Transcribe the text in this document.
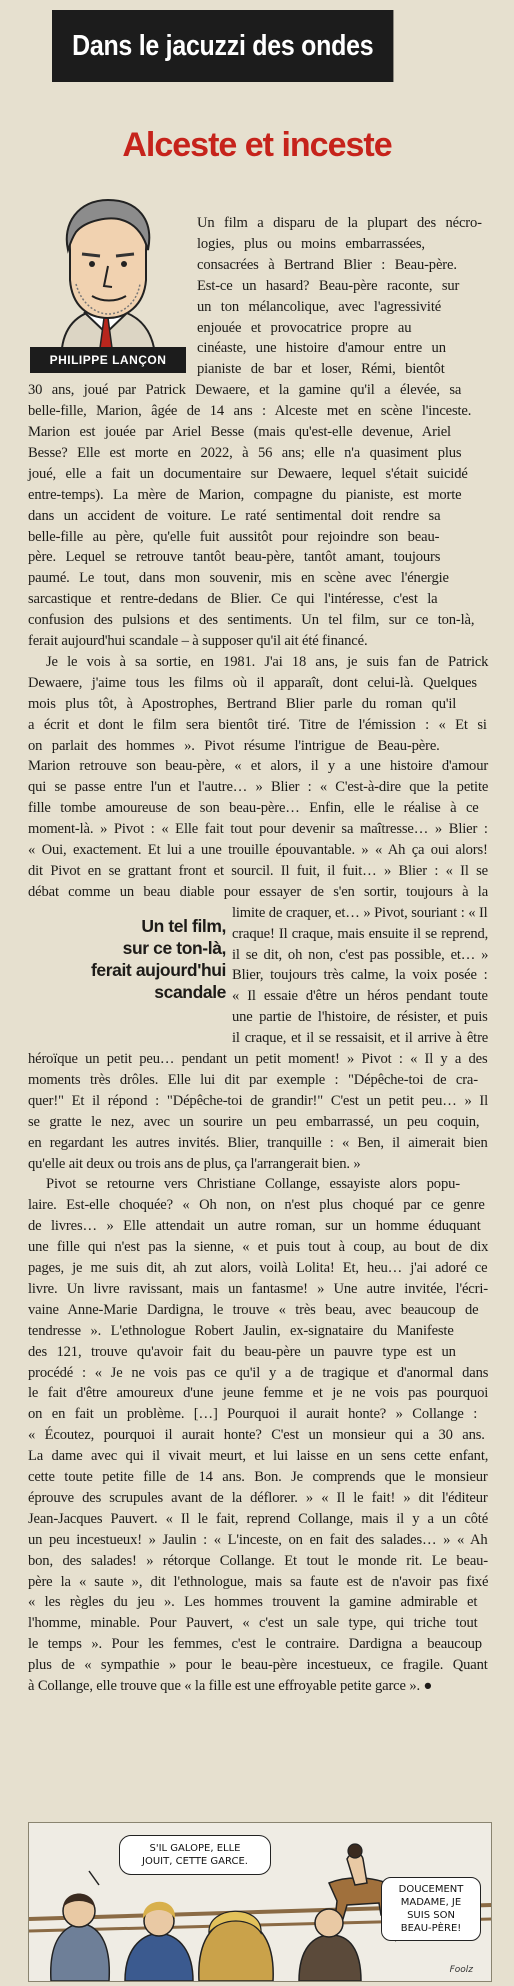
Dans le jacuzzi des ondes
Alceste et inceste
PHILIPPE LANÇON

Un film a disparu de la plupart des nécro-

logies, plus ou moins embarrassées,

consacrées à Bertrand Blier : Beau-père.

Est-ce un hasard? Beau-père raconte, sur

un ton mélancolique, avec l'agressivité

enjouée et provocatrice propre au

cinéaste, une histoire d'amour entre un

pianiste de bar et loser, Rémi, bientôt

30 ans, joué par Patrick Dewaere, et la gamine qu'il a élevée, sa

belle-fille, Marion, âgée de 14 ans : Alceste met en scène l'inceste.

Marion est jouée par Ariel Besse (mais qu'est-elle devenue, Ariel

Besse? Elle est morte en 2022, à 56 ans; elle n'a quasiment plus

joué, elle a fait un documentaire sur Dewaere, lequel s'était suicidé

entre-temps). La mère de Marion, compagne du pianiste, est morte

dans un accident de voiture. Le raté sentimental doit rendre sa

belle-fille au père, qu'elle fuit aussitôt pour rejoindre son beau-

père. Lequel se retrouve tantôt beau-père, tantôt amant, toujours

paumé. Le tout, dans mon souvenir, mis en scène avec l'énergie

sarcastique et rentre-dedans de Blier. Ce qui l'intéresse, c'est la

confusion des pulsions et des sentiments. Un tel film, sur ce ton-là,

ferait aujourd'hui scandale – à supposer qu'il ait été financé.

Je le vois à sa sortie, en 1981. J'ai 18 ans, je suis fan de Patrick

Dewaere, j'aime tous les films où il apparaît, dont celui-là. Quelques

mois plus tôt, à Apostrophes, Bertrand Blier parle du roman qu'il

a écrit et dont le film sera bientôt tiré. Titre de l'émission : « Et si

on parlait des hommes ». Pivot résume l'intrigue de Beau-père.

Marion retrouve son beau-père, « et alors, il y a une histoire d'amour

qui se passe entre l'un et l'autre… » Blier : « C'est-à-dire que la petite

fille tombe amoureuse de son beau-père… Enfin, elle le réalise à ce

moment-là. » Pivot : « Elle fait tout pour devenir sa maîtresse… » Blier :

« Oui, exactement. Et lui a une trouille épouvantable. » « Ah ça oui alors!

dit Pivot en se grattant front et sourcil. Il fuit, il fuit… » Blier : « Il se

débat comme un beau diable pour essayer de s'en sortir, toujours à la

limite de craquer, et… » Pivot, souriant : « Il

craque! Il craque, mais ensuite il se reprend,

il se dit, oh non, c'est pas possible, et… »

Blier, toujours très calme, la voix posée :

« Il essaie d'être un héros pendant toute

une partie de l'histoire, de résister, et puis

il craque, et il se ressaisit, et il arrive à être

héroïque un petit peu… pendant un petit moment! » Pivot : « Il y a des

moments très drôles. Elle lui dit par exemple : "Dépêche-toi de cra-

quer!" Et il répond : "Dépêche-toi de grandir!" C'est un petit peu… » Il

se gratte le nez, avec un sourire un peu embarrassé, un peu coquin,

en regardant les autres invités. Blier, tranquille : « Ben, il aimerait bien

qu'elle ait deux ou trois ans de plus, ça l'arrangerait bien. »

Pivot se retourne vers Christiane Collange, essayiste alors popu-

laire. Est-elle choquée? « Oh non, on n'est plus choqué par ce genre

de livres… » Elle attendait un autre roman, sur un homme éduquant

une fille qui n'est pas la sienne, « et puis tout à coup, au bout de dix

pages, je me suis dit, ah zut alors, voilà Lolita! Et, heu… j'ai adoré ce

livre. Un livre ravissant, mais un fantasme! » Une autre invitée, l'écri-

vaine Anne-Marie Dardigna, le trouve « très beau, avec beaucoup de

tendresse ». L'ethnologue Robert Jaulin, ex-signataire du Manifeste

des 121, trouve qu'avoir fait du beau-père un pauvre type est un

procédé : « Je ne vois pas ce qu'il y a de tragique et d'anormal dans

le fait d'être amoureux d'une jeune femme et je ne vois pas pourquoi

on en fait un problème. […] Pourquoi il aurait honte? » Collange :

« Écoutez, pourquoi il aurait honte? C'est un monsieur qui a 30 ans.

La dame avec qui il vivait meurt, et lui laisse en un sens cette enfant,

cette toute petite fille de 14 ans. Bon. Je comprends que le monsieur

éprouve des scrupules avant de la déflorer. » « Il le fait! » dit l'éditeur

Jean-Jacques Pauvert. « Il le fait, reprend Collange, mais il y a un côté

un peu incestueux! » Jaulin : « L'inceste, on en fait des salades… » « Ah

bon, des salades! » rétorque Collange. Et tout le monde rit. Le beau-

père la « saute », dit l'ethnologue, mais sa faute est de n'avoir pas fixé

« les règles du jeu ». Les hommes trouvent la gamine admirable et

l'homme, minable. Pour Pauvert, « c'est un sale type, qui triche tout

le temps ». Pour les femmes, c'est le contraire. Dardigna a beaucoup

plus de « sympathie » pour le beau-père incestueux, ce fragile. Quant

à Collange, elle trouve que « la fille est une effroyable petite garce ». ●

Un tel film,
sur ce ton-là,
ferait aujourd'hui
scandale
S'IL GALOPE, ELLE
JOUIT, CETTE GARCE.
DOUCEMENT
MADAME, JE
SUIS SON
BEAU-PÈRE!
Foolz
